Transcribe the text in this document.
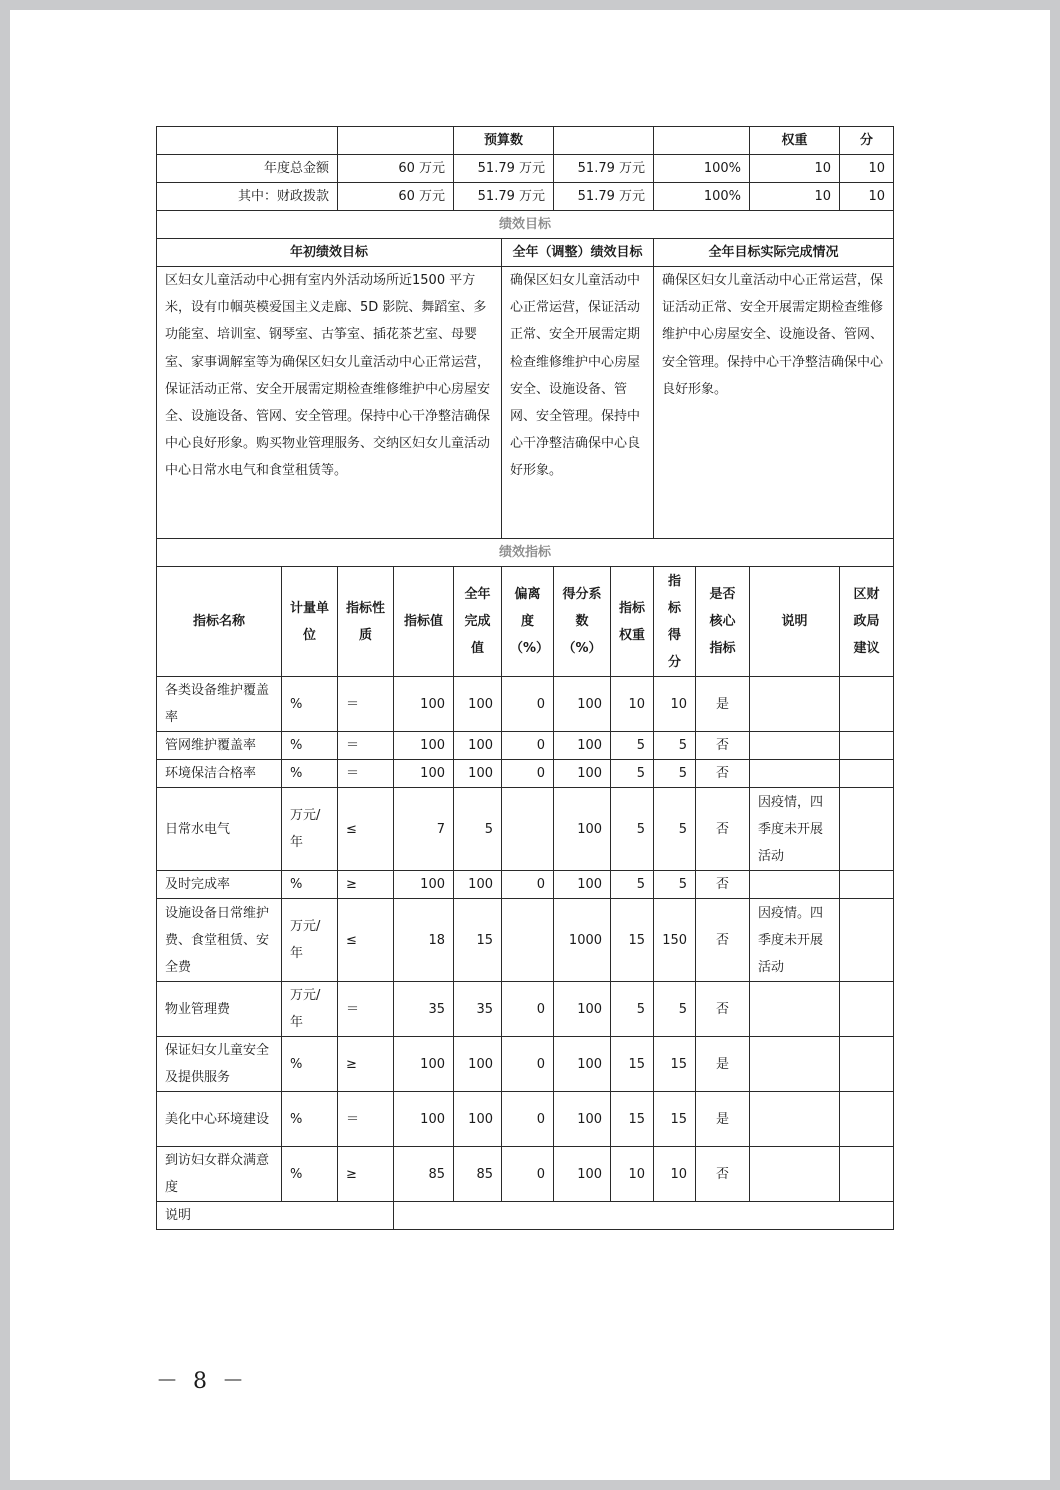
				预算数						权重	分
年度总金额		60 万元		51.79 万元		51.79 万元		100%		10	10
其中：财政拨款		60 万元		51.79 万元		51.79 万元		100%		10	10
绩效目标											
年初绩效目标					全年（调整）绩效目标			全年目标实际完成情况			
区妇女儿童活动中心拥有室内外活动场所近1500 平方米，设有巾帼英模爱国主义走廊、5D 影院、舞蹈室、多功能室、培训室、钢琴室、古筝室、插花茶艺室、母婴室、家事调解室等为确保区妇女儿童活动中心正常运营，保证活动正常、安全开展需定期检查维修维护中心房屋安全、设施设备、管网、安全管理。保持中心干净整洁确保中心良好形象。购买物业管理服务、交纳区妇女儿童活动中心日常水电气和食堂租赁等。					确保区妇女儿童活动中心正常运营，保证活动正常、安全开展需定期检查维修维护中心房屋安全、设施设备、管网、安全管理。保持中心干净整洁确保中心良好形象。			确保区妇女儿童活动中心正常运营，保证活动正常、安全开展需定期检查维修维护中心房屋安全、设施设备、管网、安全管理。保持中心干净整洁确保中心良好形象。			
绩效指标											
指标名称	计量单位	指标性质	指标值	全年完成值	偏离度（%）	得分系数（%）	指标权重	指标得分	是否核心指标	说明	区财政局建议
各类设备维护覆盖率	%	＝	100	100	0	100	10	10	是		
管网维护覆盖率	%	＝	100	100	0	100	5	5	否		
环境保洁合格率	%	＝	100	100	0	100	5	5	否		
日常水电气	万元/年	≤	7	5		100	5	5	否	因疫情，四季度未开展活动	
及时完成率	%	≥	100	100	0	100	5	5	否		
设施设备日常维护费、食堂租赁、安全费	万元/年	≤	18	15		1000	15	150	否	因疫情。四季度未开展活动	
物业管理费	万元/年	＝	35	35	0	100	5	5	否		
保证妇女儿童安全及提供服务	%	≥	100	100	0	100	15	15	是		
美化中心环境建设	%	＝	100	100	0	100	15	15	是		
到访妇女群众满意度	%	≥	85	85	0	100	10	10	否		
说明											
－ 8 －
